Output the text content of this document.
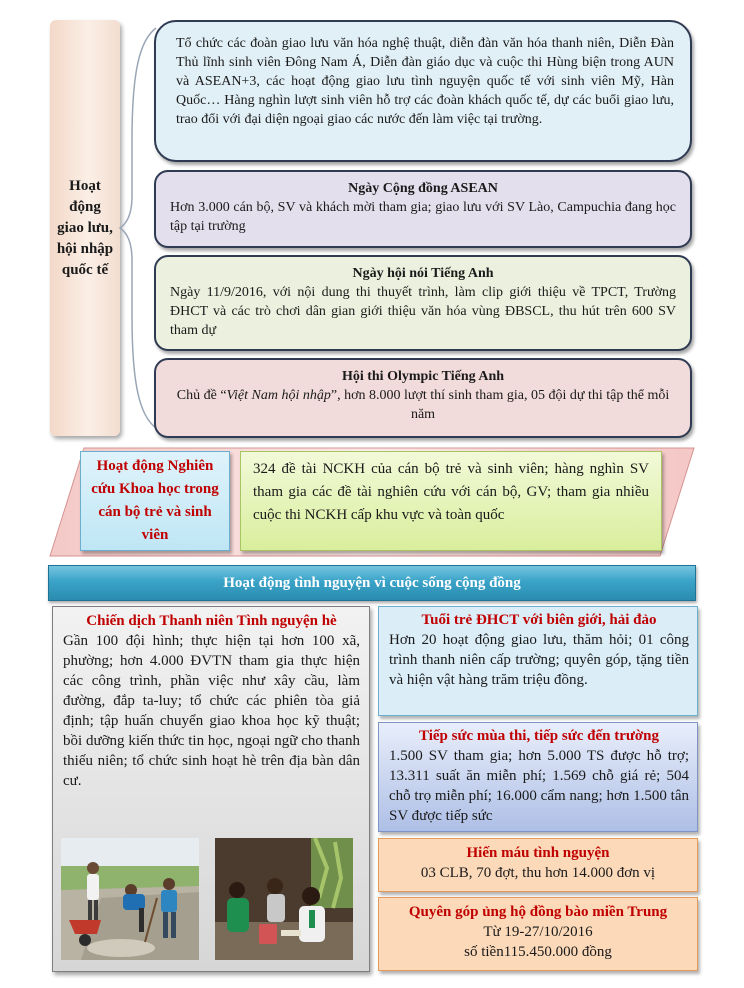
Hoạt động giao lưu, hội nhập quốc tế
Tổ chức các đoàn giao lưu văn hóa nghệ thuật, diễn đàn văn hóa thanh niên, Diễn Đàn Thủ lĩnh sinh viên Đông Nam Á, Diễn đàn giáo dục và cuộc thi Hùng biện trong AUN và ASEAN+3, các hoạt động giao lưu tình nguyện quốc tế với sinh viên Mỹ, Hàn Quốc… Hàng nghìn lượt sinh viên hỗ trợ các đoàn khách quốc tế, dự các buổi giao lưu, trao đổi với đại diện ngoại giao các nước đến làm việc tại trường.
Ngày Cộng đồng ASEAN
Hơn 3.000 cán bộ, SV và khách mời tham gia; giao lưu với SV Lào, Campuchia đang học tập tại trường
Ngày hội nói Tiếng Anh
Ngày 11/9/2016, với nội dung thi thuyết trình, làm clip giới thiệu về TPCT, Trường ĐHCT và các trò chơi dân gian giới thiệu văn hóa vùng ĐBSCL, thu hút trên 600 SV tham dự
Hội thi Olympic Tiếng Anh
Chủ đề “Việt Nam hội nhập”, hơn 8.000 lượt thí sinh tham gia, 05 đội dự thi tập thể mỗi năm
Hoạt động Nghiên cứu Khoa học trong cán bộ trẻ và sinh viên
324 đề tài NCKH của cán bộ trẻ và sinh viên; hàng nghìn SV tham gia các đề tài nghiên cứu với cán bộ, GV; tham gia nhiều cuộc thi NCKH cấp khu vực và toàn quốc
Hoạt động tình nguyện vì cuộc sống cộng đồng
Chiến dịch Thanh niên Tình nguyện hè
Gần 100 đội hình; thực hiện tại hơn 100 xã, phường; hơn 4.000 ĐVTN tham gia thực hiện các công trình, phần việc như xây cầu, làm đường, đắp ta-luy; tổ chức các phiên tòa giả định; tập huấn chuyển giao khoa học kỹ thuật; bồi dưỡng kiến thức tin học, ngoại ngữ cho thanh thiếu niên; tổ chức sinh hoạt hè trên địa bàn dân cư.
Tuổi trẻ ĐHCT với biên giới, hải đảo
Hơn 20 hoạt động giao lưu, thăm hỏi; 01 công trình thanh niên cấp trường; quyên góp, tặng tiền và hiện vật hàng trăm triệu đồng.
Tiếp sức mùa thi, tiếp sức đến trường
1.500 SV tham gia; hơn 5.000 TS được hỗ trợ; 13.311 suất ăn miễn phí; 1.569 chỗ giá rẻ; 504 chỗ trọ miễn phí; 16.000 cẩm nang; hơn 1.500 tân SV được tiếp sức
Hiến máu tình nguyện
03 CLB, 70 đợt, thu hơn 14.000 đơn vị
Quyên góp ủng hộ đồng bào miền Trung
Từ 19-27/10/2016
số tiền115.450.000 đồng
